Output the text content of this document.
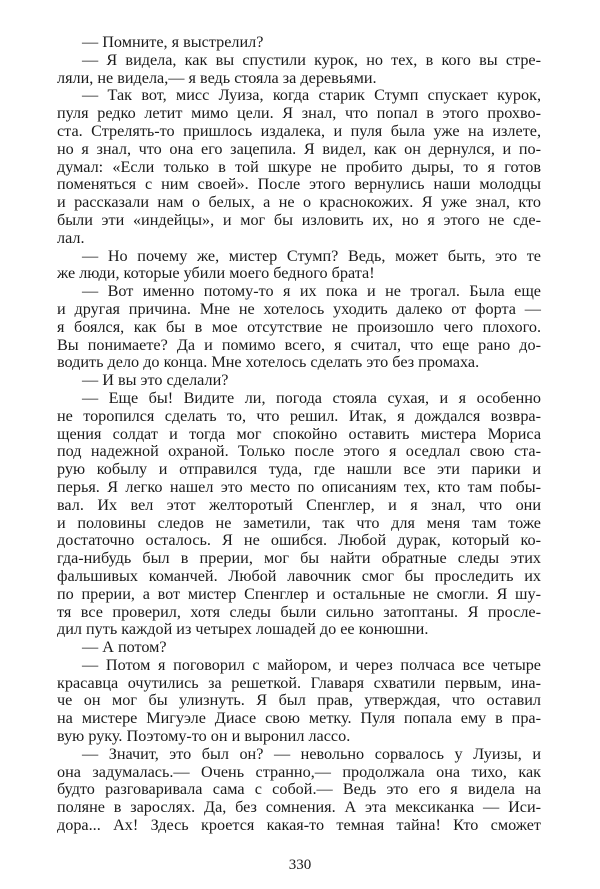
— Помните, я выстрелил?
— Я видела, как вы спустили курок, но тех, в кого вы стре-
ляли, не видела,— я ведь стояла за деревьями.
— Так вот, мисс Луиза, когда старик Стумп спускает курок,
пуля редко летит мимо цели. Я знал, что попал в этого прохво-
ста. Стрелять-то пришлось издалека, и пуля была уже на излете,
но я знал, что она его зацепила. Я видел, как он дернулся, и по-
думал: «Если только в той шкуре не пробито дыры, то я готов
поменяться с ним своей». После этого вернулись наши молодцы
и рассказали нам о белых, а не о краснокожих. Я уже знал, кто
были эти «индейцы», и мог бы изловить их, но я этого не сде-
лал.
— Но почему же, мистер Стумп? Ведь, может быть, это те
же люди, которые убили моего бедного брата!
— Вот именно потому-то я их пока и не трогал. Была еще
и другая причина. Мне не хотелось уходить далеко от форта —
я боялся, как бы в мое отсутствие не произошло чего плохого.
Вы понимаете? Да и помимо всего, я считал, что еще рано до-
водить дело до конца. Мне хотелось сделать это без промаха.
— И вы это сделали?
— Еще бы! Видите ли, погода стояла сухая, и я особенно
не торопился сделать то, что решил. Итак, я дождался возвра-
щения солдат и тогда мог спокойно оставить мистера Мориса
под надежной охраной. Только после этого я оседлал свою ста-
рую кобылу и отправился туда, где нашли все эти парики и
перья. Я легко нашел это место по описаниям тех, кто там побы-
вал. Их вел этот желторотый Спенглер, и я знал, что они
и половины следов не заметили, так что для меня там тоже
достаточно осталось. Я не ошибся. Любой дурак, который ко-
гда-нибудь был в прерии, мог бы найти обратные следы этих
фальшивых команчей. Любой лавочник смог бы проследить их
по прерии, а вот мистер Спенглер и остальные не смогли. Я шу-
тя все проверил, хотя следы были сильно затоптаны. Я просле-
дил путь каждой из четырех лошадей до ее конюшни.
— А потом?
— Потом я поговорил с майором, и через полчаса все четыре
красавца очутились за решеткой. Главаря схватили первым, ина-
че он мог бы улизнуть. Я был прав, утверждая, что оставил
на мистере Мигуэле Диасе свою метку. Пуля попала ему в пра-
вую руку. Поэтому-то он и выронил лассо.
— Значит, это был он? — невольно сорвалось у Луизы, и
она задумалась.— Очень странно,— продолжала она тихо, как
будто разговаривала сама с собой.— Ведь это его я видела на
поляне в зарослях. Да, без сомнения. А эта мексиканка — Иси-
дора... Ах! Здесь кроется какая-то темная тайна! Кто сможет
330
